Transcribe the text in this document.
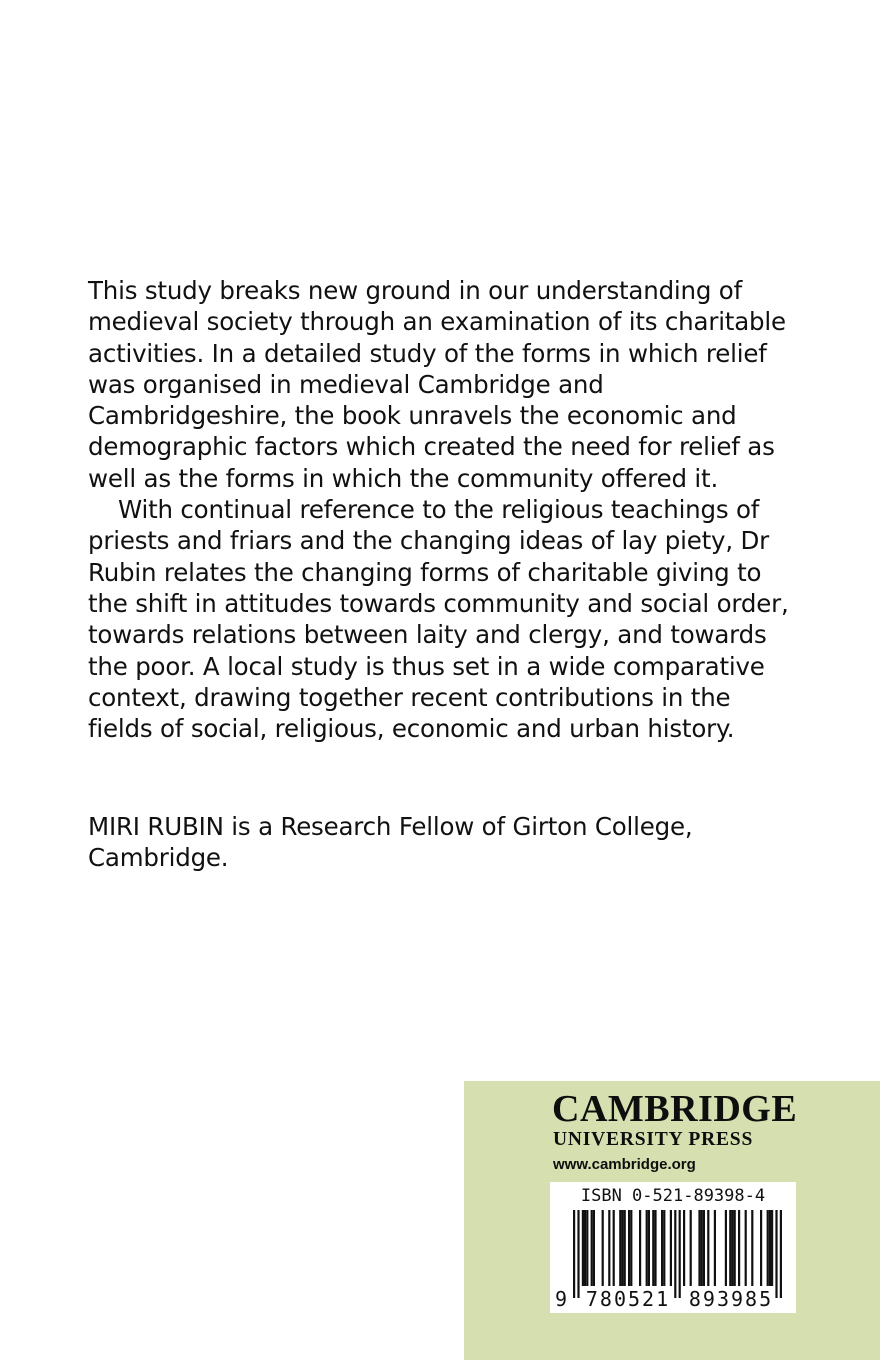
This study breaks new ground in our understanding of medieval society through an examination of its charitable activities. In a detailed study of the forms in which relief was organised in medieval Cambridge and Cambridgeshire, the book unravels the economic and demographic factors which created the need for relief as well as the forms in which the community offered it.

With continual reference to the religious teachings of priests and friars and the changing ideas of lay piety, Dr Rubin relates the changing forms of charitable giving to the shift in attitudes towards community and social order, towards relations between laity and clergy, and towards the poor. A local study is thus set in a wide comparative context, drawing together recent contributions in the fields of social, religious, economic and urban history.

MIRI RUBIN is a Research Fellow of Girton College, Cambridge.

CAMBRIDGE
UNIVERSITY PRESS
www.cambridge.org
ISBN 0-521-89398-4
9 780521 893985
